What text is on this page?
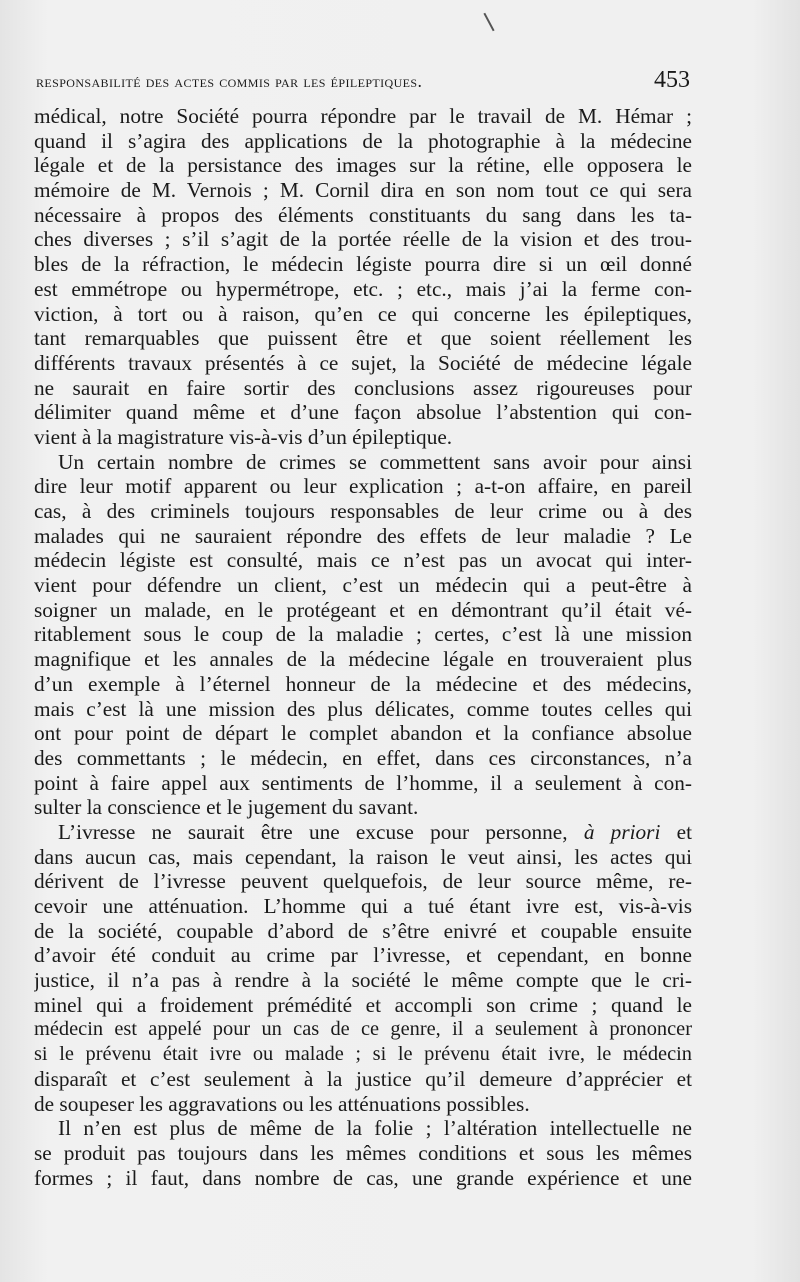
responsabilité des actes commis par les épileptiques.	453
médical, notre Société pourra répondre par le travail de M. Hémar ;
quand il s’agira des applications de la photographie à la médecine
légale et de la persistance des images sur la rétine, elle opposera le
mémoire de M. Vernois ; M. Cornil dira en son nom tout ce qui sera
nécessaire à propos des éléments constituants du sang dans les ta-
ches diverses ; s’il s’agit de la portée réelle de la vision et des trou-
bles de la réfraction, le médecin légiste pourra dire si un œil donné
est emmétrope ou hypermétrope, etc. ; etc., mais j’ai la ferme con-
viction, à tort ou à raison, qu’en ce qui concerne les épileptiques,
tant remarquables que puissent être et que soient réellement les
différents travaux présentés à ce sujet, la Société de médecine légale
ne saurait en faire sortir des conclusions assez rigoureuses pour
délimiter quand même et d’une façon absolue l’abstention qui con-
vient à la magistrature vis-à-vis d’un épileptique.
Un certain nombre de crimes se commettent sans avoir pour ainsi
dire leur motif apparent ou leur explication ; a-t-on affaire, en pareil
cas, à des criminels toujours responsables de leur crime ou à des
malades qui ne sauraient répondre des effets de leur maladie ? Le
médecin légiste est consulté, mais ce n’est pas un avocat qui inter-
vient pour défendre un client, c’est un médecin qui a peut-être à
soigner un malade, en le protégeant et en démontrant qu’il était vé-
ritablement sous le coup de la maladie ; certes, c’est là une mission
magnifique et les annales de la médecine légale en trouveraient plus
d’un exemple à l’éternel honneur de la médecine et des médecins,
mais c’est là une mission des plus délicates, comme toutes celles qui
ont pour point de départ le complet abandon et la confiance absolue
des commettants ; le médecin, en effet, dans ces circonstances, n’a
point à faire appel aux sentiments de l’homme, il a seulement à con-
sulter la conscience et le jugement du savant.
L’ivresse ne saurait être une excuse pour personne, à priori et
dans aucun cas, mais cependant, la raison le veut ainsi, les actes qui
dérivent de l’ivresse peuvent quelquefois, de leur source même, re-
cevoir une atténuation. L’homme qui a tué étant ivre est, vis-à-vis
de la société, coupable d’abord de s’être enivré et coupable ensuite
d’avoir été conduit au crime par l’ivresse, et cependant, en bonne
justice, il n’a pas à rendre à la société le même compte que le cri-
minel qui a froidement prémédité et accompli son crime ; quand le
médecin est appelé pour un cas de ce genre, il a seulement à prononcer
si le prévenu était ivre ou malade ; si le prévenu était ivre, le médecin
disparaît et c’est seulement à la justice qu’il demeure d’apprécier et
de soupeser les aggravations ou les atténuations possibles.
Il n’en est plus de même de la folie ; l’altération intellectuelle ne
se produit pas toujours dans les mêmes conditions et sous les mêmes
formes ; il faut, dans nombre de cas, une grande expérience et une
